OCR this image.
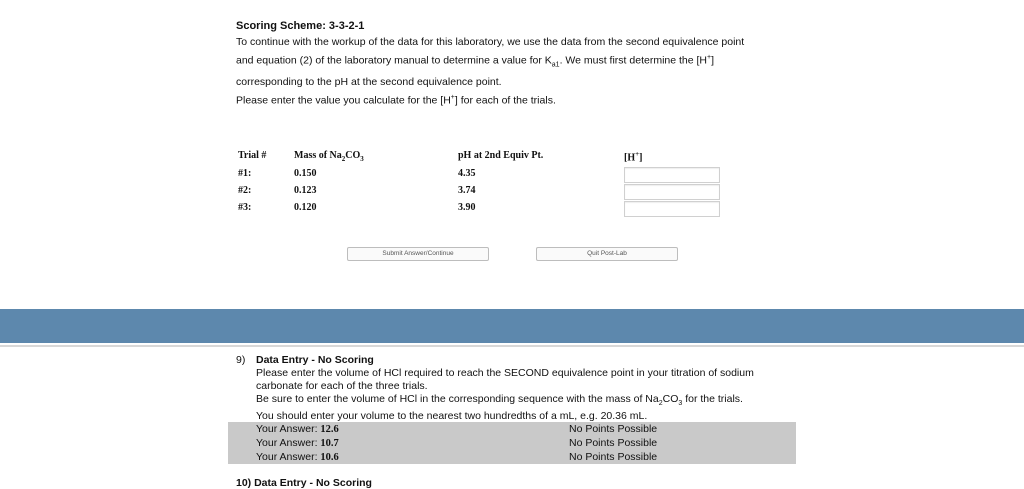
Scoring Scheme: 3-3-2-1

To continue with the workup of the data for this laboratory, we use the data from the second equivalence point

and equation (2) of the laboratory manual to determine a value for $K_{a1}$. We must first determine the [H+]

corresponding to the pH at the second equivalence point.

Please enter the value you calculate for the [H+] for each of the trials.

Trial #	Mass of $Na_2CO_3$	pH at 2nd Equiv Pt.	[H+]
#1:	0.150	4.35
#2:	0.123	3.74
#3:	0.120	3.90
Submit Answer/Continue	Quit Post-Lab
9) Data Entry - No Scoring

Please enter the volume of HCl required to reach the SECOND equivalence point in your titration of sodium carbonate for each of the three trials.

Be sure to enter the volume of HCl in the corresponding sequence with the mass of $Na_2CO_3$ for the trials.

You should enter your volume to the nearest two hundredths of a mL, e.g. 20.36 mL.

Your Answer: 12.6	No Points Possible
Your Answer: 10.7	No Points Possible
Your Answer: 10.6	No Points Possible
10) Data Entry - No Scoring
